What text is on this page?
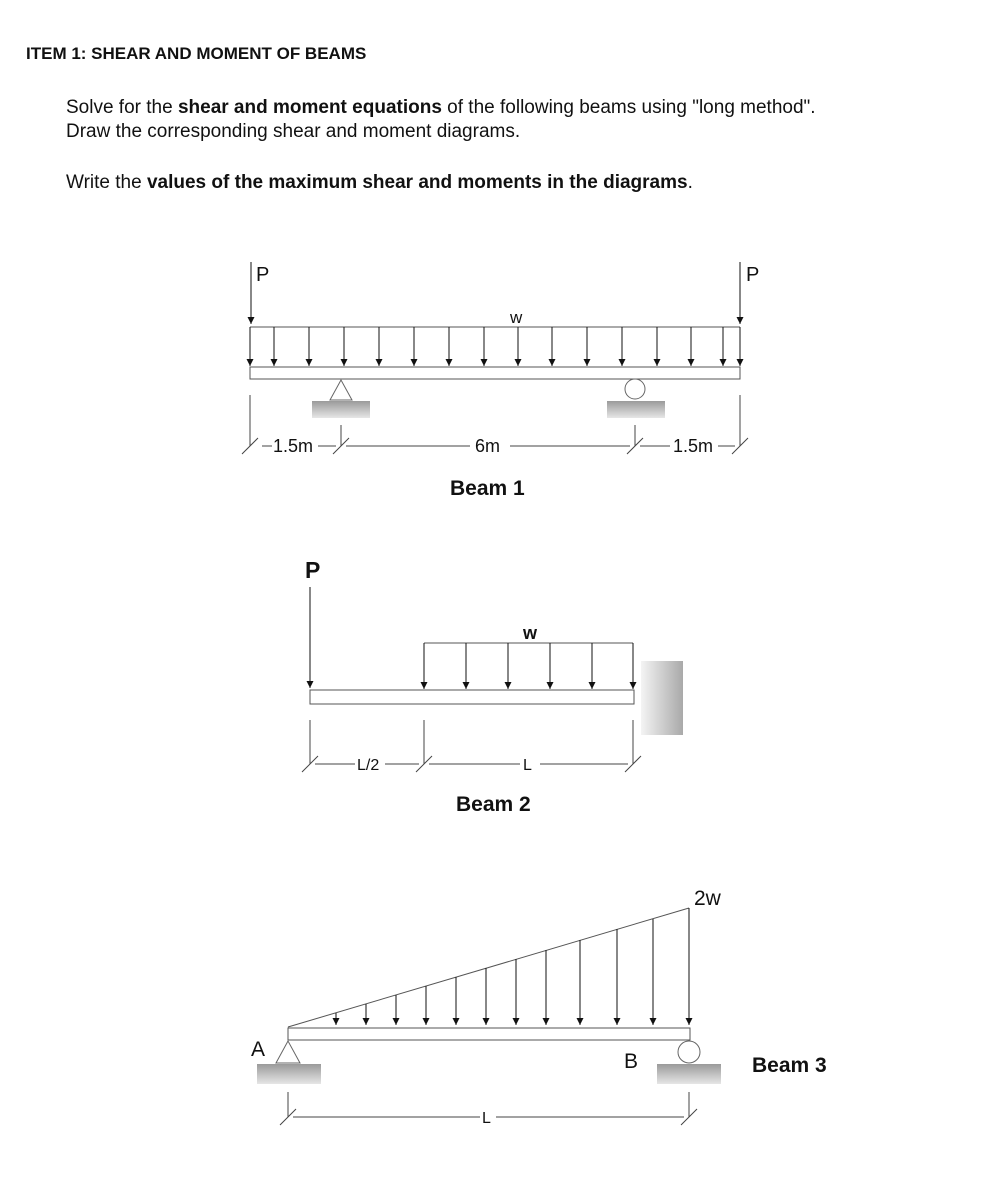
ITEM 1: SHEAR AND MOMENT OF BEAMS
Solve for the shear and moment equations of the following beams using "long method".
Draw the corresponding shear and moment diagrams.
Write the values of the maximum shear and moments in the diagrams.
P	P
w
1.5m	6m	1.5m
Beam 1
P
w
L/2	L
Beam 2
2w
A
B	Beam 3
L
